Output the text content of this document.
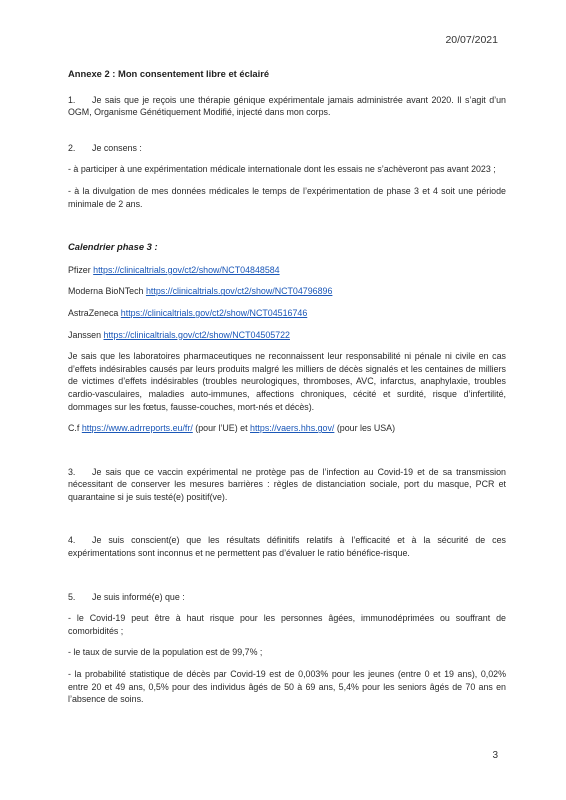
20/07/2021
Annexe 2 : Mon consentement libre et éclairé

1. Je sais que je reçois une thérapie génique expérimentale jamais administrée avant 2020. Il s’agit d’un OGM, Organisme Génétiquement Modifié, injecté dans mon corps.

2. Je consens :

- à participer à une expérimentation médicale internationale dont les essais ne s’achèveront pas avant 2023 ;

- à la divulgation de mes données médicales le temps de l’expérimentation de phase 3 et 4 soit une période minimale de 2 ans.

Calendrier phase 3 :

Pfizer https://clinicaltrials.gov/ct2/show/NCT04848584

Moderna BioNTech https://clinicaltrials.gov/ct2/show/NCT04796896

AstraZeneca https://clinicaltrials.gov/ct2/show/NCT04516746

Janssen https://clinicaltrials.gov/ct2/show/NCT04505722

Je sais que les laboratoires pharmaceutiques ne reconnaissent leur responsabilité ni pénale ni civile en cas d’effets indésirables causés par leurs produits malgré les milliers de décès signalés et les centaines de milliers de victimes d’effets indésirables (troubles neurologiques, thromboses, AVC, infarctus, anaphylaxie, troubles cardio-vasculaires, maladies auto-immunes, affections chroniques, cécité et surdité, risque d’infertilité, dommages sur les fœtus, fausse-couches, mort-nés et décès).

C.f https://www.adrreports.eu/fr/ (pour l’UE) et https://vaers.hhs.gov/ (pour les USA)

3. Je sais que ce vaccin expérimental ne protège pas de l’infection au Covid-19 et de sa transmission nécessitant de conserver les mesures barrières : règles de distanciation sociale, port du masque, PCR et quarantaine si je suis testé(e) positif(ve).

4. Je suis conscient(e) que les résultats définitifs relatifs à l’efficacité et à la sécurité de ces expérimentations sont inconnus et ne permettent pas d’évaluer le ratio bénéfice-risque.

5. Je suis informé(e) que :

- le Covid-19 peut être à haut risque pour les personnes âgées, immunodéprimées ou souffrant de comorbidités ;

- le taux de survie de la population est de 99,7% ;

- la probabilité statistique de décès par Covid-19 est de 0,003% pour les jeunes (entre 0 et 19 ans), 0,02% entre 20 et 49 ans, 0,5% pour des individus âgés de 50 à 69 ans, 5,4% pour les seniors âgés de 70 ans en l’absence de soins.

3
